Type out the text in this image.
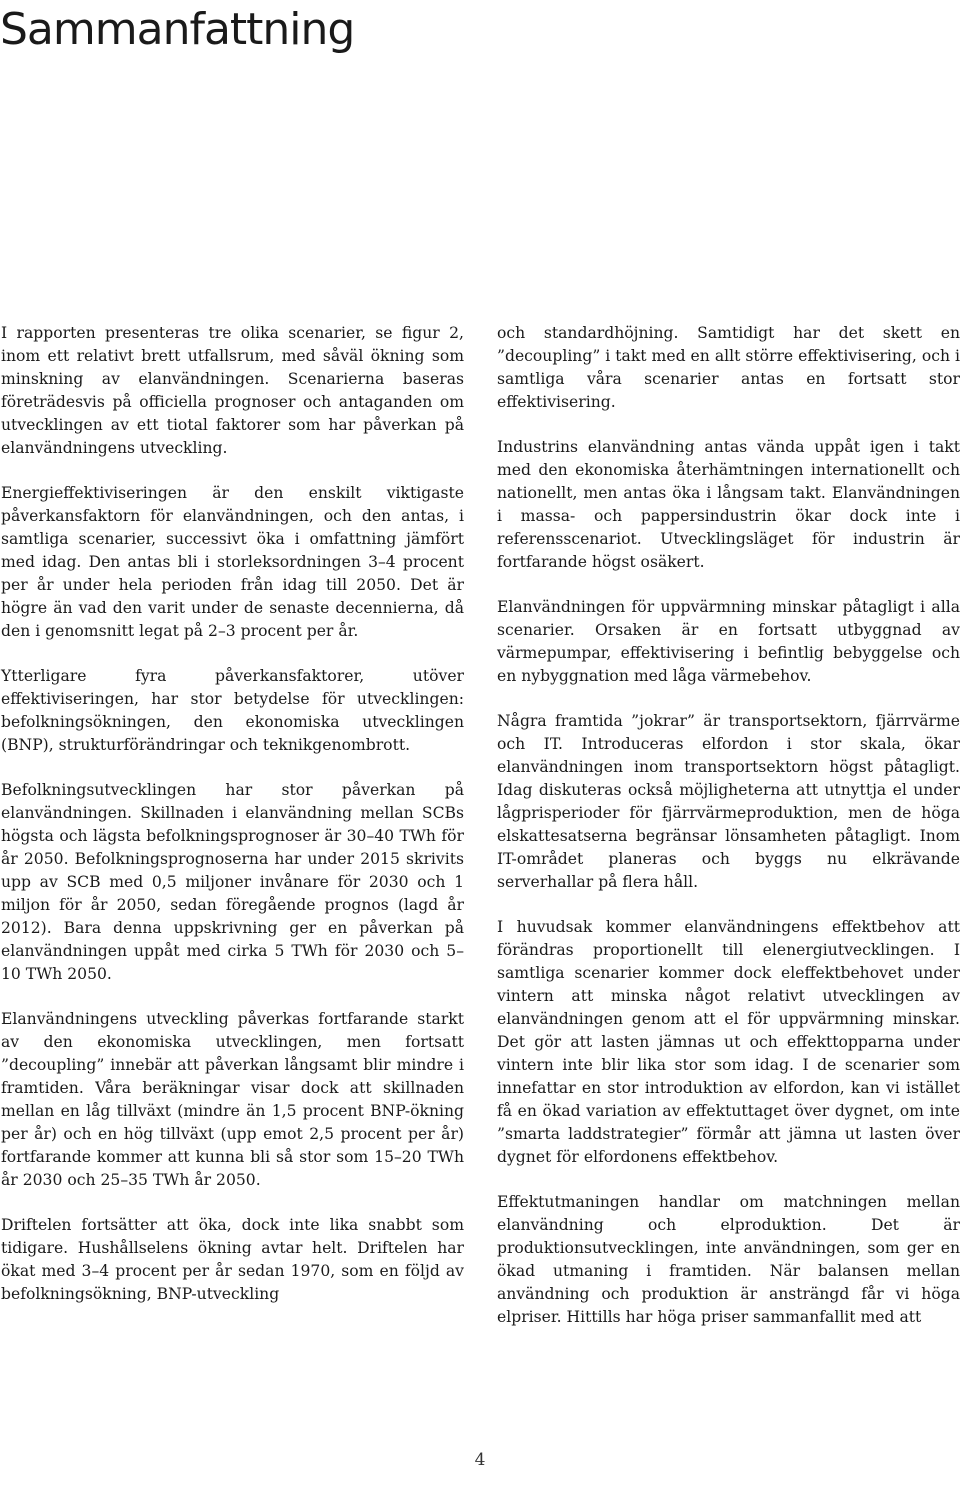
Sammanfattning

I rapporten presenteras tre olika scenarier, se figur 2, inom ett relativt brett utfallsrum, med såväl ökning som minskning av elanvändningen. Scenarierna baseras företrädesvis på officiella prognoser och antaganden om utvecklingen av ett tiotal faktorer som har påverkan på elanvändningens utveckling.

Energieffektiviseringen är den enskilt viktigaste påverkansfaktorn för elanvändningen, och den antas, i samtliga scenarier, successivt öka i omfattning jämfört med idag. Den antas bli i storleksordningen 3–4 procent per år under hela perioden från idag till 2050. Det är högre än vad den varit under de senaste decennierna, då den i genomsnitt legat på 2–3 procent per år.

Ytterligare fyra påverkansfaktorer, utöver effektiviseringen, har stor betydelse för utvecklingen: befolkningsökningen, den ekonomiska utvecklingen (BNP), strukturförändringar och teknikgenombrott.

Befolkningsutvecklingen har stor påverkan på elanvändningen. Skillnaden i elanvändning mellan SCBs högsta och lägsta befolkningsprognoser är 30–40 TWh för år 2050. Befolkningsprognoserna har under 2015 skrivits upp av SCB med 0,5 miljoner invånare för 2030 och 1 miljon för år 2050, sedan föregående prognos (lagd år 2012). Bara denna uppskrivning ger en påverkan på elanvändningen uppåt med cirka 5 TWh för 2030 och 5–10 TWh 2050.

Elanvändningens utveckling påverkas fortfarande starkt av den ekonomiska utvecklingen, men fortsatt ”decoupling” innebär att påverkan långsamt blir mindre i framtiden. Våra beräkningar visar dock att skillnaden mellan en låg tillväxt (mindre än 1,5 procent BNP-ökning per år) och en hög tillväxt (upp emot 2,5 procent per år) fortfarande kommer att kunna bli så stor som 15–20 TWh år 2030 och 25–35 TWh år 2050.

Driftelen fortsätter att öka, dock inte lika snabbt som tidigare. Hushållselens ökning avtar helt. Driftelen har ökat med 3–4 procent per år sedan 1970, som en följd av befolkningsökning, BNP-utveckling

och standardhöjning. Samtidigt har det skett en ”decoupling” i takt med en allt större effektivisering, och i samtliga våra scenarier antas en fortsatt stor effektivisering.

Industrins elanvändning antas vända uppåt igen i takt med den ekonomiska återhämtningen internationellt och nationellt, men antas öka i långsam takt. Elanvändningen i massa- och pappersindustrin ökar dock inte i referensscenariot. Utvecklingsläget för industrin är fortfarande högst osäkert.

Elanvändningen för uppvärmning minskar påtagligt i alla scenarier. Orsaken är en fortsatt utbyggnad av värmepumpar, effektivisering i befintlig bebyggelse och en nybyggnation med låga värmebehov.

Några framtida ”jokrar” är transportsektorn, fjärrvärme och IT. Introduceras elfordon i stor skala, ökar elanvändningen inom transportsektorn högst påtagligt. Idag diskuteras också möjligheterna att utnyttja el under lågprisperioder för fjärrvärmeproduktion, men de höga elskattesatserna begränsar lönsamheten påtagligt. Inom IT-området planeras och byggs nu elkrävande serverhallar på flera håll.

I huvudsak kommer elanvändningens effektbehov att förändras proportionellt till elenergiutvecklingen. I samtliga scenarier kommer dock eleffektbehovet under vintern att minska något relativt utvecklingen av elanvändningen genom att el för uppvärmning minskar. Det gör att lasten jämnas ut och effekttopparna under vintern inte blir lika stor som idag. I de scenarier som innefattar en stor introduktion av elfordon, kan vi istället få en ökad variation av effektuttaget över dygnet, om inte ”smarta laddstrategier” förmår att jämna ut lasten över dygnet för elfordonens effektbehov.

Effektutmaningen handlar om matchningen mellan elanvändning och elproduktion. Det är produktionsutvecklingen, inte användningen, som ger en ökad utmaning i framtiden. När balansen mellan användning och produktion är ansträngd får vi höga elpriser. Hittills har höga priser sammanfallit med att

4
